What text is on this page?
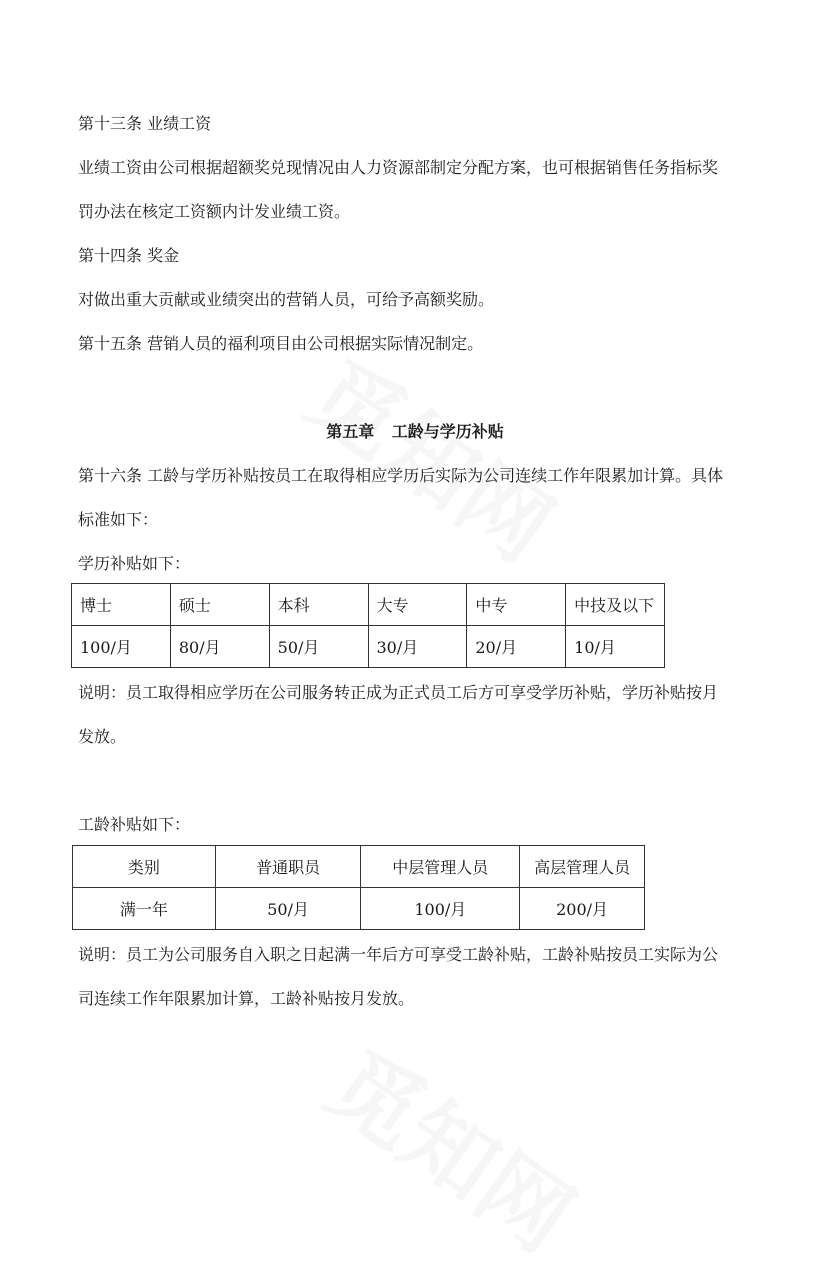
第十三条 业绩工资
业绩工资由公司根据超额奖兑现情况由人力资源部制定分配方案，也可根据销售任务指标奖
罚办法在核定工资额内计发业绩工资。
第十四条 奖金
对做出重大贡献或业绩突出的营销人员，可给予高额奖励。
第十五条 营销人员的福利项目由公司根据实际情况制定。
第五章 工龄与学历补贴
第十六条 工龄与学历补贴按员工在取得相应学历后实际为公司连续工作年限累加计算。具体
标准如下：
学历补贴如下：
博士	硕士	本科	大专	中专	中技及以下
100/月	80/月	50/月	30/月	20/月	10/月
说明：员工取得相应学历在公司服务转正成为正式员工后方可享受学历补贴，学历补贴按月
发放。
工龄补贴如下：
类别	普通职员	中层管理人员	高层管理人员
满一年	50/月	100/月	200/月
说明：员工为公司服务自入职之日起满一年后方可享受工龄补贴，工龄补贴按员工实际为公
司连续工作年限累加计算，工龄补贴按月发放。
